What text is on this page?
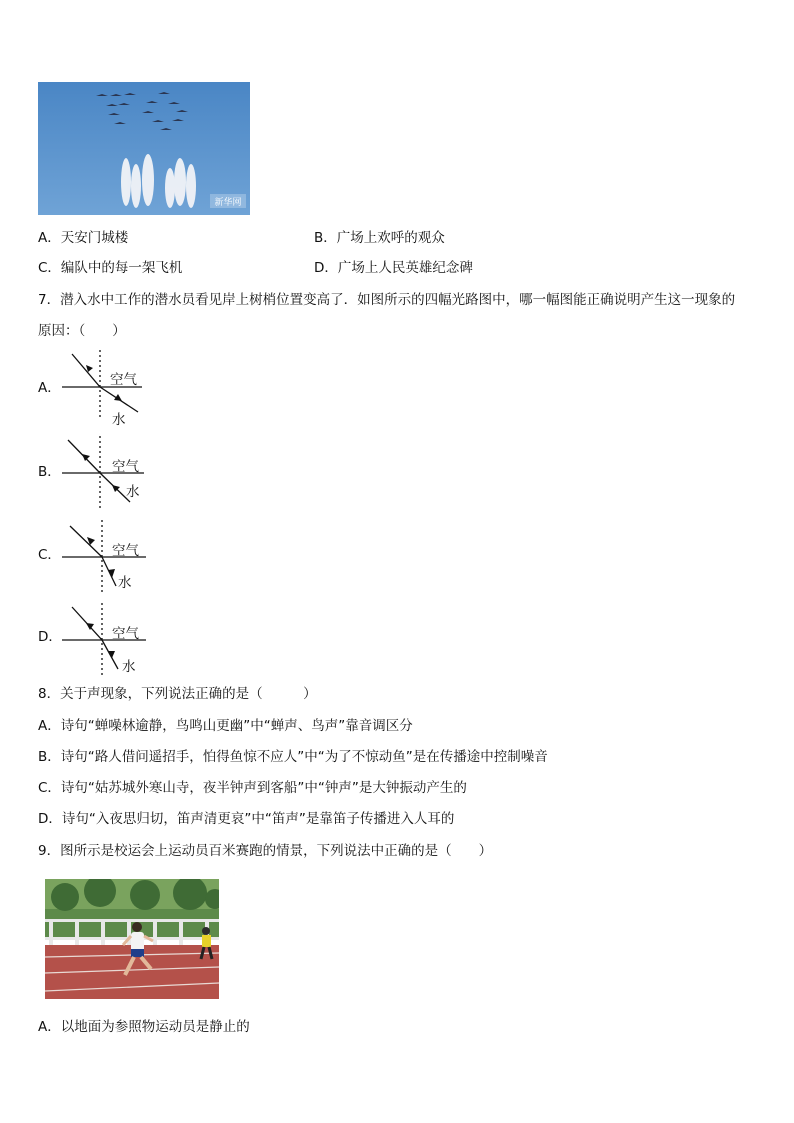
新华网
A．天安门城楼	B．广场上欢呼的观众
C．编队中的每一架飞机	D．广场上人民英雄纪念碑
7．潜入水中工作的潜水员看见岸上树梢位置变高了．如图所示的四幅光路图中，哪一幅图能正确说明产生这一现象的
原因：（　　）
A．	空气
水
B．	空气
水
C．	空气
水
D．	空气
水
8．关于声现象，下列说法正确的是（　　　）
A．诗句“蝉噪林逾静，鸟鸣山更幽”中“蝉声、鸟声”靠音调区分
B．诗句“路人借问遥招手，怕得鱼惊不应人”中“为了不惊动鱼”是在传播途中控制噪音
C．诗句“姑苏城外寒山寺，夜半钟声到客船”中“钟声”是大钟振动产生的
D．诗句“入夜思归切，笛声清更哀”中“笛声”是靠笛子传播进入人耳的
9．图所示是校运会上运动员百米赛跑的情景，下列说法中正确的是（　　）
A．以地面为参照物运动员是静止的
